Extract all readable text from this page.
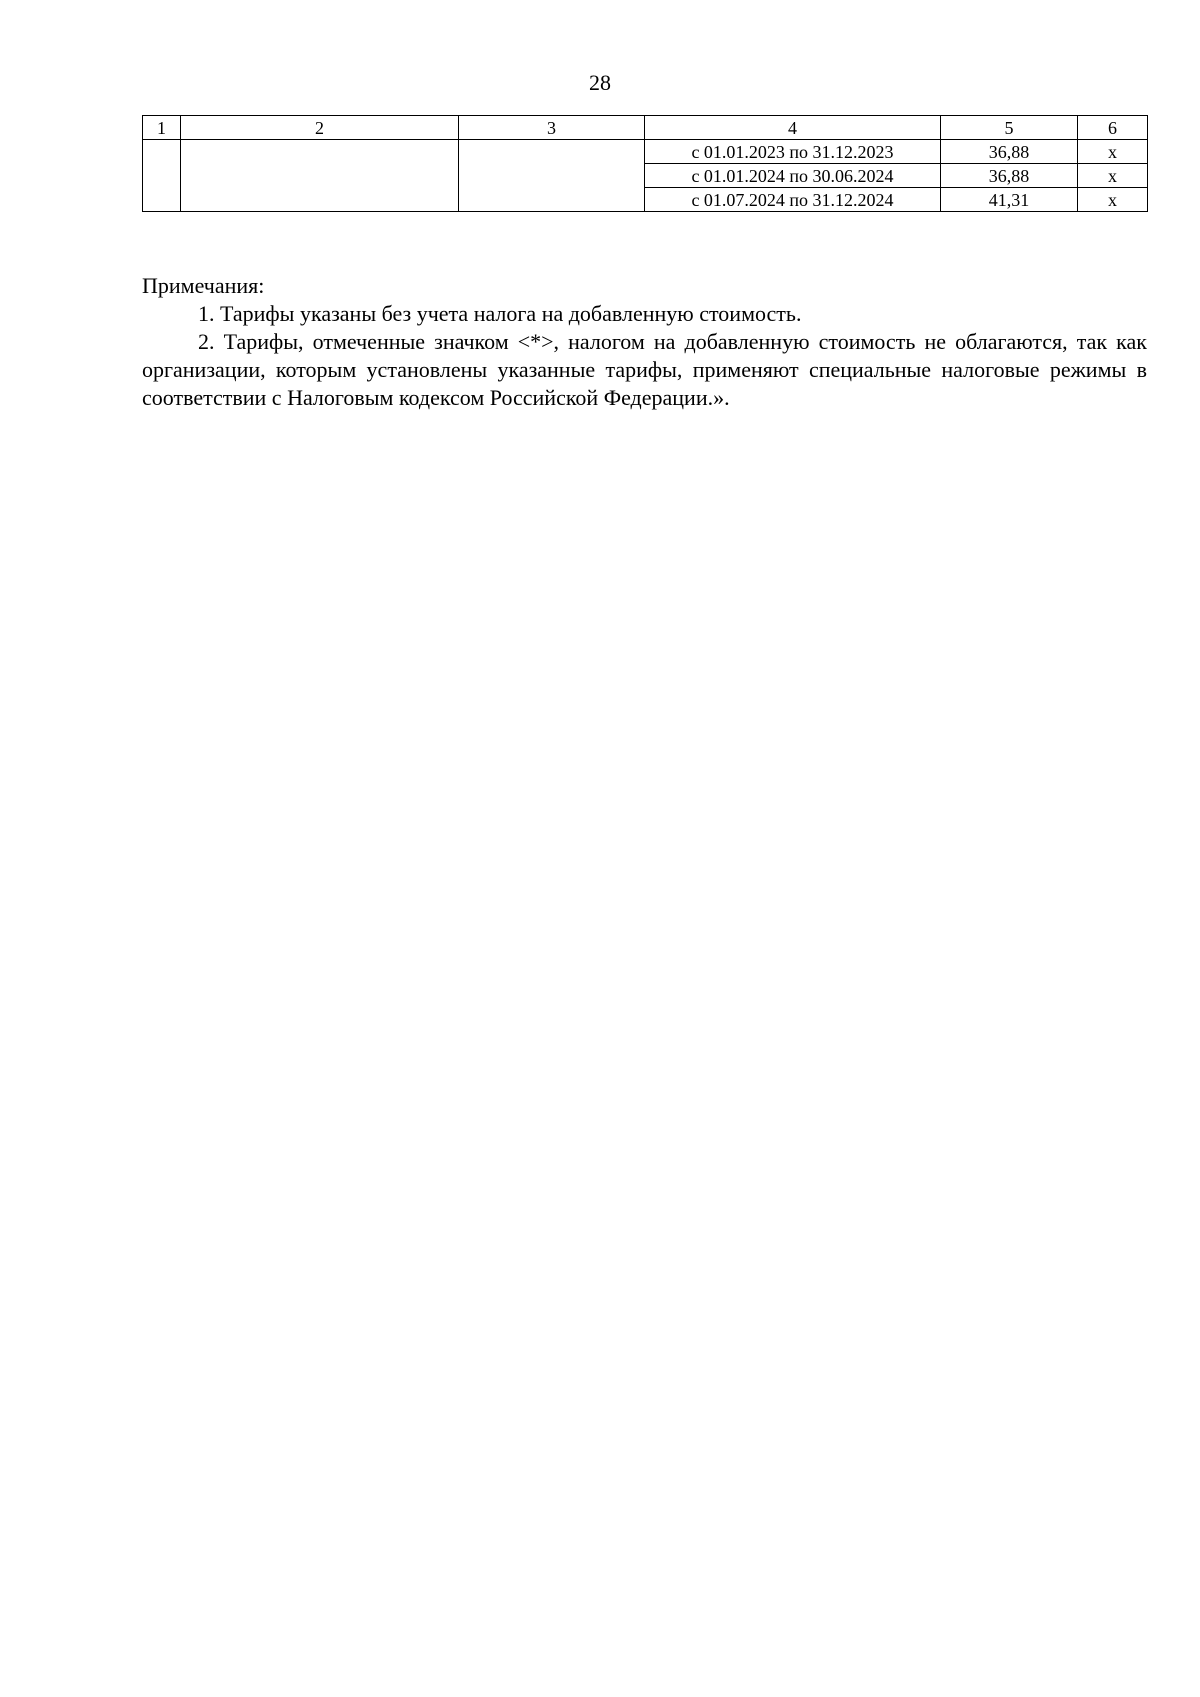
28
1	2	3	4	5	6
			с 01.01.2023 по 31.12.2023	36,88	х
			с 01.01.2024 по 30.06.2024	36,88	х
			с 01.07.2024 по 31.12.2024	41,31	х
Примечания:

1. Тарифы указаны без учета налога на добавленную стоимость.

2. Тарифы, отмеченные значком <*>, налогом на добавленную стоимость не облагаются, так как организации, которым установлены указанные тарифы, применяют специальные налоговые режимы в соответствии с Налоговым кодексом Российской Федерации.».
